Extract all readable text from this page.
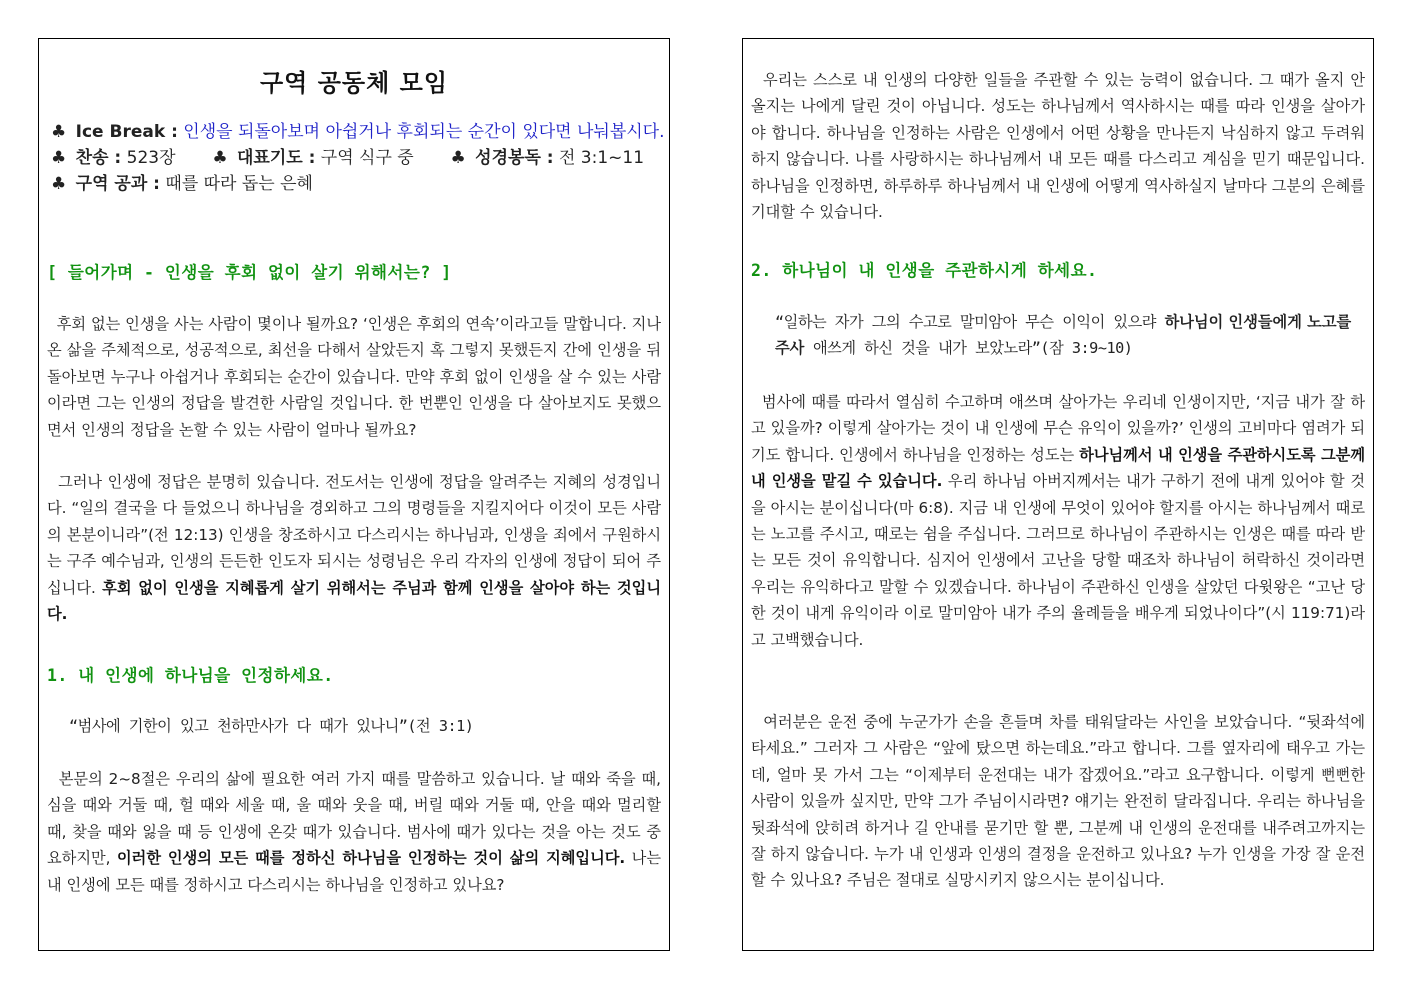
구역 공동체 모임
♣ Ice Break : 인생을 되돌아보며 아쉽거나 후회되는 순간이 있다면 나눠봅시다.
♣ 찬송 : 523장 ♣ 대표기도 : 구역 식구 중 ♣ 성경봉독 : 전 3:1~11
♣ 구역 공과 : 때를 따라 돕는 은혜
[ 들어가며 - 인생을 후회 없이 살기 위해서는? ]
후회 없는 인생을 사는 사람이 몇이나 될까요? ‘인생은 후회의 연속’이라고들 말합니다. 지나온 삶을 주체적으로, 성공적으로, 최선을 다해서 살았든지 혹 그렇지 못했든지 간에 인생을 뒤돌아보면 누구나 아쉽거나 후회되는 순간이 있습니다. 만약 후회 없이 인생을 살 수 있는 사람이라면 그는 인생의 정답을 발견한 사람일 것입니다. 한 번뿐인 인생을 다 살아보지도 못했으면서 인생의 정답을 논할 수 있는 사람이 얼마나 될까요?
그러나 인생에 정답은 분명히 있습니다. 전도서는 인생에 정답을 알려주는 지혜의 성경입니다. “일의 결국을 다 들었으니 하나님을 경외하고 그의 명령들을 지킬지어다 이것이 모든 사람의 본분이니라”(전 12:13) 인생을 창조하시고 다스리시는 하나님과, 인생을 죄에서 구원하시는 구주 예수님과, 인생의 든든한 인도자 되시는 성령님은 우리 각자의 인생에 정답이 되어 주십니다. 후회 없이 인생을 지혜롭게 살기 위해서는 주님과 함께 인생을 살아야 하는 것입니다.
1. 내 인생에 하나님을 인정하세요.
“범사에 기한이 있고 천하만사가 다 때가 있나니”(전 3:1)
본문의 2~8절은 우리의 삶에 필요한 여러 가지 때를 말씀하고 있습니다. 날 때와 죽을 때, 심을 때와 거둘 때, 헐 때와 세울 때, 울 때와 웃을 때, 버릴 때와 거둘 때, 안을 때와 멀리할 때, 찾을 때와 잃을 때 등 인생에 온갖 때가 있습니다. 범사에 때가 있다는 것을 아는 것도 중요하지만, 이러한 인생의 모든 때를 정하신 하나님을 인정하는 것이 삶의 지혜입니다. 나는 내 인생에 모든 때를 정하시고 다스리시는 하나님을 인정하고 있나요?
우리는 스스로 내 인생의 다양한 일들을 주관할 수 있는 능력이 없습니다. 그 때가 올지 안 올지는 나에게 달린 것이 아닙니다. 성도는 하나님께서 역사하시는 때를 따라 인생을 살아가야 합니다. 하나님을 인정하는 사람은 인생에서 어떤 상황을 만나든지 낙심하지 않고 두려워하지 않습니다. 나를 사랑하시는 하나님께서 내 모든 때를 다스리고 계심을 믿기 때문입니다. 하나님을 인정하면, 하루하루 하나님께서 내 인생에 어떻게 역사하실지 날마다 그분의 은혜를 기대할 수 있습니다.
2. 하나님이 내 인생을 주관하시게 하세요.
“일하는 자가 그의 수고로 말미암아 무슨 이익이 있으랴 하나님이 인생들에게 노고를 주사 애쓰게 하신 것을 내가 보았노라”(잠 3:9~10)
범사에 때를 따라서 열심히 수고하며 애쓰며 살아가는 우리네 인생이지만, ‘지금 내가 잘 하고 있을까? 이렇게 살아가는 것이 내 인생에 무슨 유익이 있을까?’ 인생의 고비마다 염려가 되기도 합니다. 인생에서 하나님을 인정하는 성도는 하나님께서 내 인생을 주관하시도록 그분께 내 인생을 맡길 수 있습니다. 우리 하나님 아버지께서는 내가 구하기 전에 내게 있어야 할 것을 아시는 분이십니다(마 6:8). 지금 내 인생에 무엇이 있어야 할지를 아시는 하나님께서 때로는 노고를 주시고, 때로는 쉼을 주십니다. 그러므로 하나님이 주관하시는 인생은 때를 따라 받는 모든 것이 유익합니다. 심지어 인생에서 고난을 당할 때조차 하나님이 허락하신 것이라면 우리는 유익하다고 말할 수 있겠습니다. 하나님이 주관하신 인생을 살았던 다윗왕은 “고난 당한 것이 내게 유익이라 이로 말미암아 내가 주의 율례들을 배우게 되었나이다”(시 119:71)라고 고백했습니다.
여러분은 운전 중에 누군가가 손을 흔들며 차를 태워달라는 사인을 보았습니다. “뒷좌석에 타세요.” 그러자 그 사람은 “앞에 탔으면 하는데요.”라고 합니다. 그를 옆자리에 태우고 가는데, 얼마 못 가서 그는 “이제부터 운전대는 내가 잡겠어요.”라고 요구합니다. 이렇게 뻔뻔한 사람이 있을까 싶지만, 만약 그가 주님이시라면? 얘기는 완전히 달라집니다. 우리는 하나님을 뒷좌석에 앉히려 하거나 길 안내를 묻기만 할 뿐, 그분께 내 인생의 운전대를 내주려고까지는 잘 하지 않습니다. 누가 내 인생과 인생의 결정을 운전하고 있나요? 누가 인생을 가장 잘 운전할 수 있나요? 주님은 절대로 실망시키지 않으시는 분이십니다.
